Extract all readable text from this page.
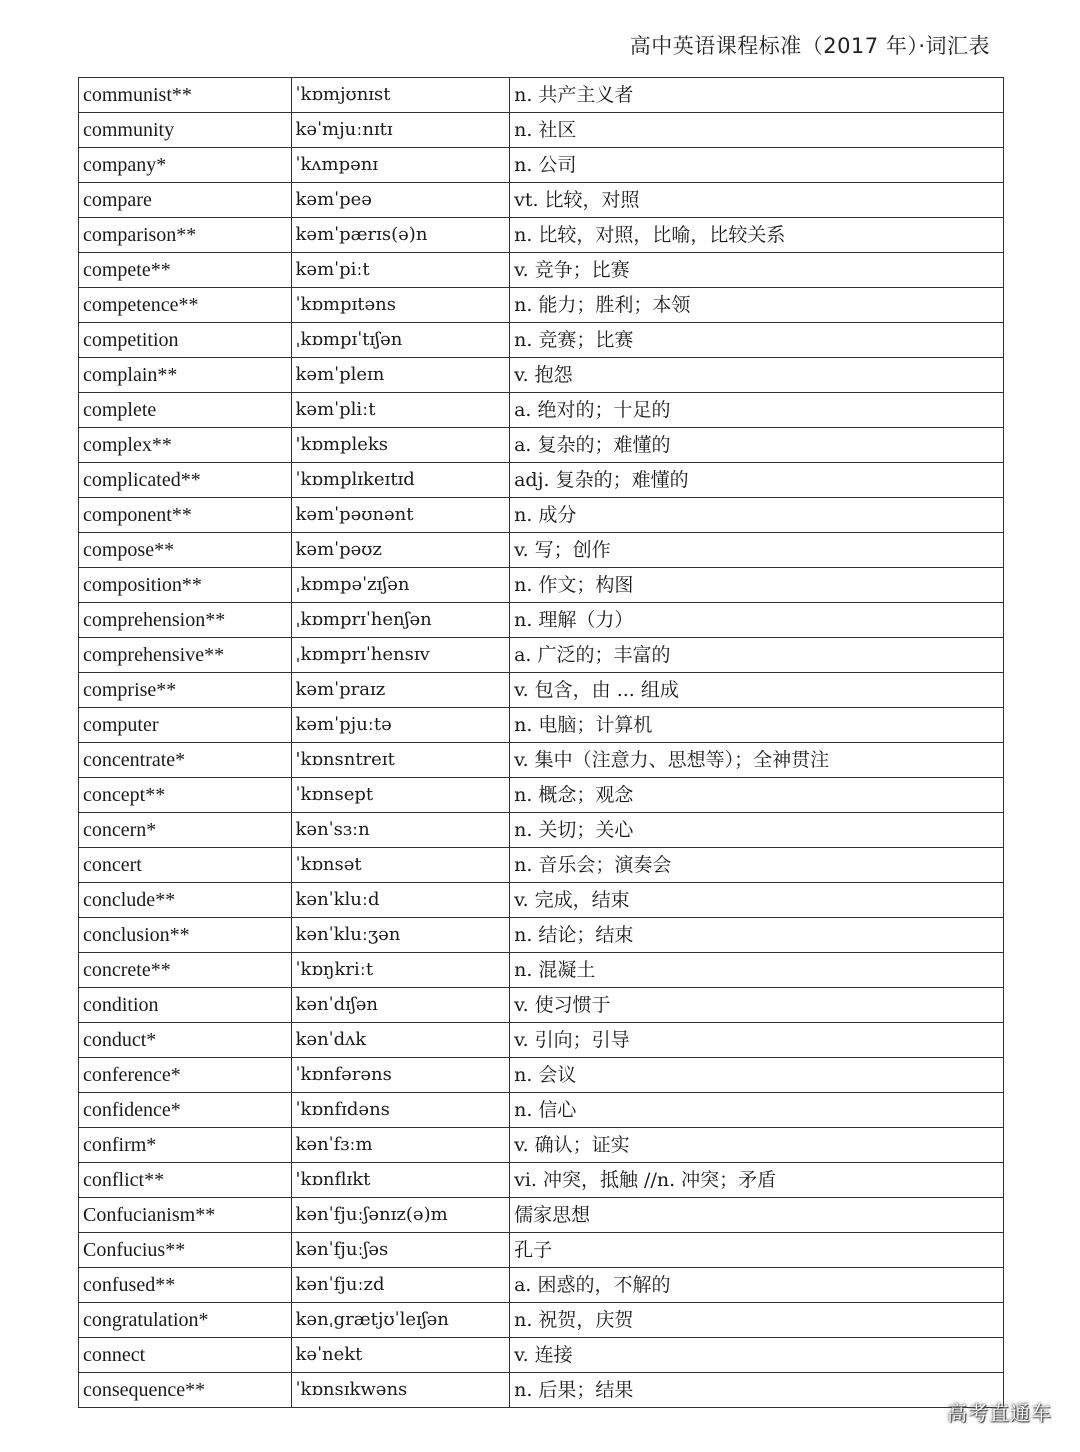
高中英语课程标准（2017 年）·词汇表
communist**	ˈkɒmjʊnɪst	n. 共产主义者
community	kəˈmjuːnɪtɪ	n. 社区
company*	ˈkʌmpənɪ	n. 公司
compare	kəmˈpeə	vt. 比较，对照
comparison**	kəmˈpærɪs(ə)n	n. 比较，对照，比喻，比较关系
compete**	kəmˈpiːt	v. 竞争；比赛
competence**	ˈkɒmpɪtəns	n. 能力；胜利；本领
competition	ˌkɒmpɪˈtɪʃən	n. 竞赛；比赛
complain**	kəmˈpleɪn	v. 抱怨
complete	kəmˈpliːt	a. 绝对的；十足的
complex**	'kɒmpleks	a. 复杂的；难懂的
complicated**	ˈkɒmplɪkeɪtɪd	adj. 复杂的；难懂的
component**	kəmˈpəʊnənt	n. 成分
compose**	kəmˈpəʊz	v. 写；创作
composition**	ˌkɒmpəˈzɪʃən	n. 作文；构图
comprehension**	ˌkɒmprɪˈhenʃən	n. 理解（力）
comprehensive**	ˌkɒmprɪˈhensɪv	a. 广泛的；丰富的
comprise**	kəmˈpraɪz	v. 包含，由 ... 组成
computer	kəmˈpjuːtə	n. 电脑；计算机
concentrate*	'kɒnsntreɪt	v. 集中（注意力、思想等）；全神贯注
concept**	ˈkɒnsept	n. 概念；观念
concern*	kənˈsɜːn	n. 关切；关心
concert	ˈkɒnsət	n. 音乐会；演奏会
conclude**	kənˈkluːd	v. 完成，结束
conclusion**	kənˈkluːʒən	n. 结论；结束
concrete**	ˈkɒŋkriːt	n. 混凝土
condition	kənˈdɪʃən	v. 使习惯于
conduct*	kənˈdʌk	v. 引向；引导
conference*	ˈkɒnfərəns	n. 会议
confidence*	ˈkɒnfɪdəns	n. 信心
confirm*	kənˈfɜːm	v. 确认；证实
conflict**	'kɒnflɪkt	vi. 冲突，抵触 //n. 冲突；矛盾
Confucianism**	kənˈfjuːʃənɪz(ə)m	儒家思想
Confucius**	kənˈfjuːʃəs	孔子
confused**	kənˈfjuːzd	a. 困惑的，不解的
congratulation*	kənˌgrætjʊˈleɪʃən	n. 祝贺，庆贺
connect	kəˈnekt	v. 连接
consequence**	ˈkɒnsɪkwəns	n. 后果；结果
高考直通车
